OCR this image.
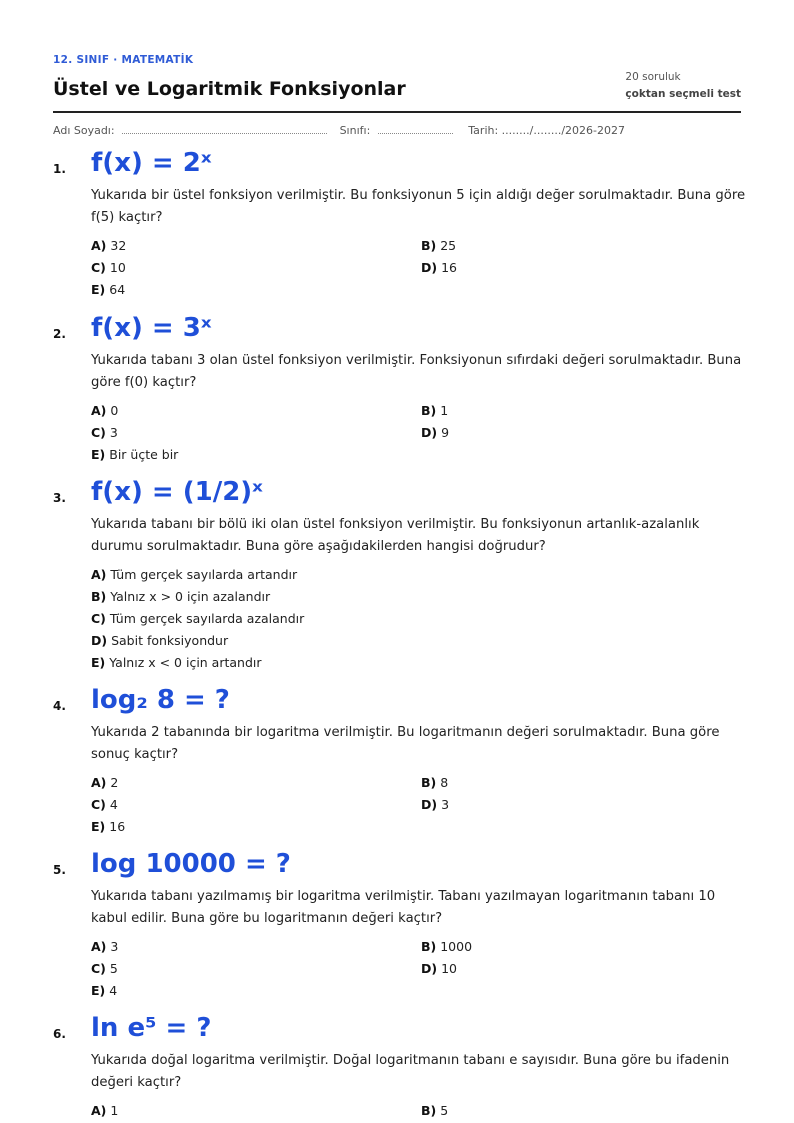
12. SINIF · MATEMATİK
Üstel ve Logaritmik Fonksiyonlar
20 soruluk
çoktan seçmeli test
Adı Soyadı:	Sınıfı:	Tarih: ......../......../2026-2027
1. f(x) = 2ˣ
Yukarıda bir üstel fonksiyon verilmiştir. Bu fonksiyonun 5 için aldığı değer sorulmaktadır. Buna göre f(5) kaçtır?
A) 32	B) 25
C) 10	D) 16
E) 64
2. f(x) = 3ˣ
Yukarıda tabanı 3 olan üstel fonksiyon verilmiştir. Fonksiyonun sıfırdaki değeri sorulmaktadır. Buna göre f(0) kaçtır?
A) 0	B) 1
C) 3	D) 9
E) Bir üçte bir
3. f(x) = (1/2)ˣ
Yukarıda tabanı bir bölü iki olan üstel fonksiyon verilmiştir. Bu fonksiyonun artanlık-azalanlık durumu sorulmaktadır. Buna göre aşağıdakilerden hangisi doğrudur?
A) Tüm gerçek sayılarda artandır
B) Yalnız x > 0 için azalandır
C) Tüm gerçek sayılarda azalandır
D) Sabit fonksiyondur
E) Yalnız x < 0 için artandır
4. log₂ 8 = ?
Yukarıda 2 tabanında bir logaritma verilmiştir. Bu logaritmanın değeri sorulmaktadır. Buna göre sonuç kaçtır?
A) 2	B) 8
C) 4	D) 3
E) 16
5. log 10000 = ?
Yukarıda tabanı yazılmamış bir logaritma verilmiştir. Tabanı yazılmayan logaritmanın tabanı 10 kabul edilir. Buna göre bu logaritmanın değeri kaçtır?
A) 3	B) 1000
C) 5	D) 10
E) 4
6. ln e⁵ = ?
Yukarıda doğal logaritma verilmiştir. Doğal logaritmanın tabanı e sayısıdır. Buna göre bu ifadenin değeri kaçtır?
A) 1	B) 5
